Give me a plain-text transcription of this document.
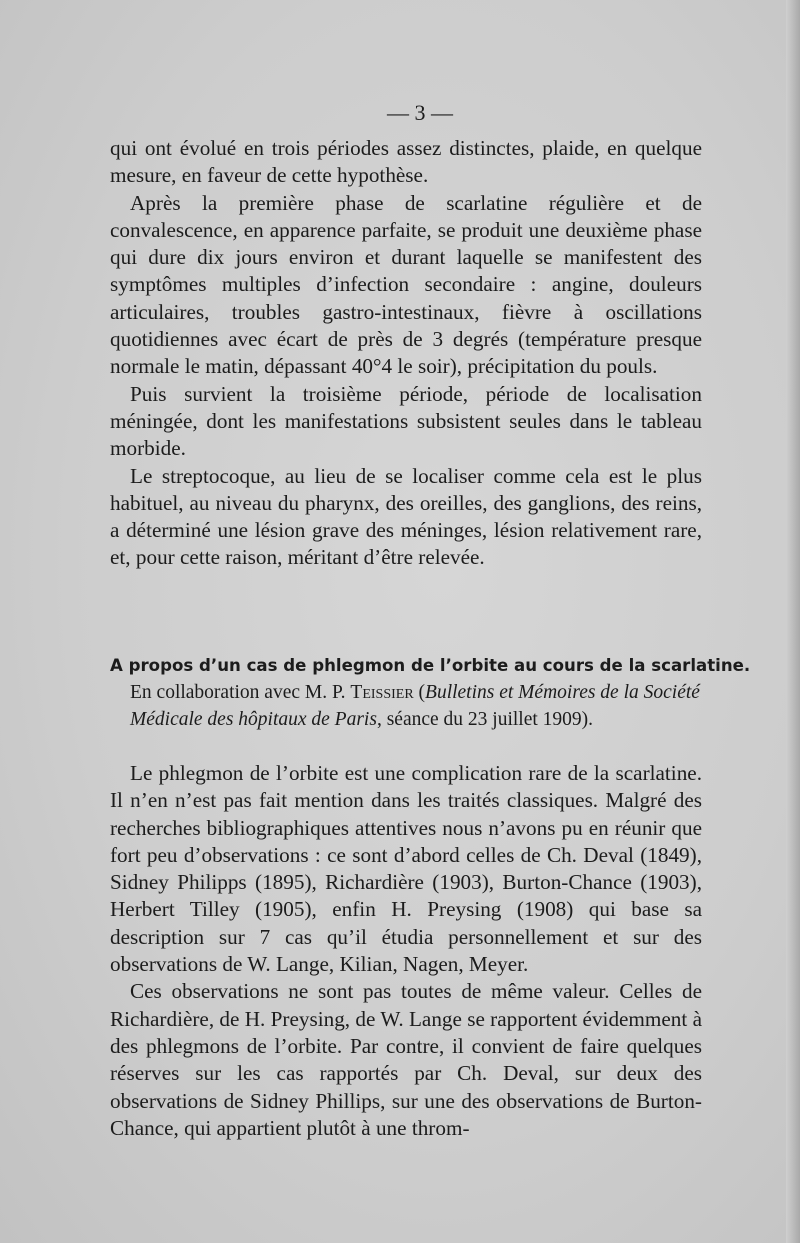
— 3 —

qui ont évolué en trois périodes assez distinctes, plaide, en quelque mesure, en faveur de cette hypothèse.

Après la première phase de scarlatine régulière et de convalescence, en apparence parfaite, se produit une deuxième phase qui dure dix jours environ et durant laquelle se manifestent des symptômes multiples d’infection secondaire : angine, douleurs articulaires, troubles gastro-intestinaux, fièvre à oscillations quotidiennes avec écart de près de 3 degrés (température presque normale le matin, dépassant 40°4 le soir), précipitation du pouls.

Puis survient la troisième période, période de localisation méningée, dont les manifestations subsistent seules dans le tableau morbide.

Le streptocoque, au lieu de se localiser comme cela est le plus habituel, au niveau du pharynx, des oreilles, des ganglions, des reins, a déterminé une lésion grave des méninges, lésion relativement rare, et, pour cette raison, méritant d’être relevée.

A propos d’un cas de phlegmon de l’orbite au cours de la scarlatine.

En collaboration avec M. P. Teissier (Bulletins et Mémoires de la Société Médicale des hôpitaux de Paris, séance du 23 juillet 1909).

Le phlegmon de l’orbite est une complication rare de la scarlatine. Il n’en n’est pas fait mention dans les traités classiques. Malgré des recherches bibliographiques attentives nous n’avons pu en réunir que fort peu d’observations : ce sont d’abord celles de Ch. Deval (1849), Sidney Philipps (1895), Richardière (1903), Burton-Chance (1903), Herbert Tilley (1905), enfin H. Preysing (1908) qui base sa description sur 7 cas qu’il étudia personnellement et sur des observations de W. Lange, Kilian, Nagen, Meyer.

Ces observations ne sont pas toutes de même valeur. Celles de Richardière, de H. Preysing, de W. Lange se rapportent évidemment à des phlegmons de l’orbite. Par contre, il convient de faire quelques réserves sur les cas rapportés par Ch. Deval, sur deux des observations de Sidney Phillips, sur une des observations de Burton-Chance, qui appartient plutôt à une throm-
